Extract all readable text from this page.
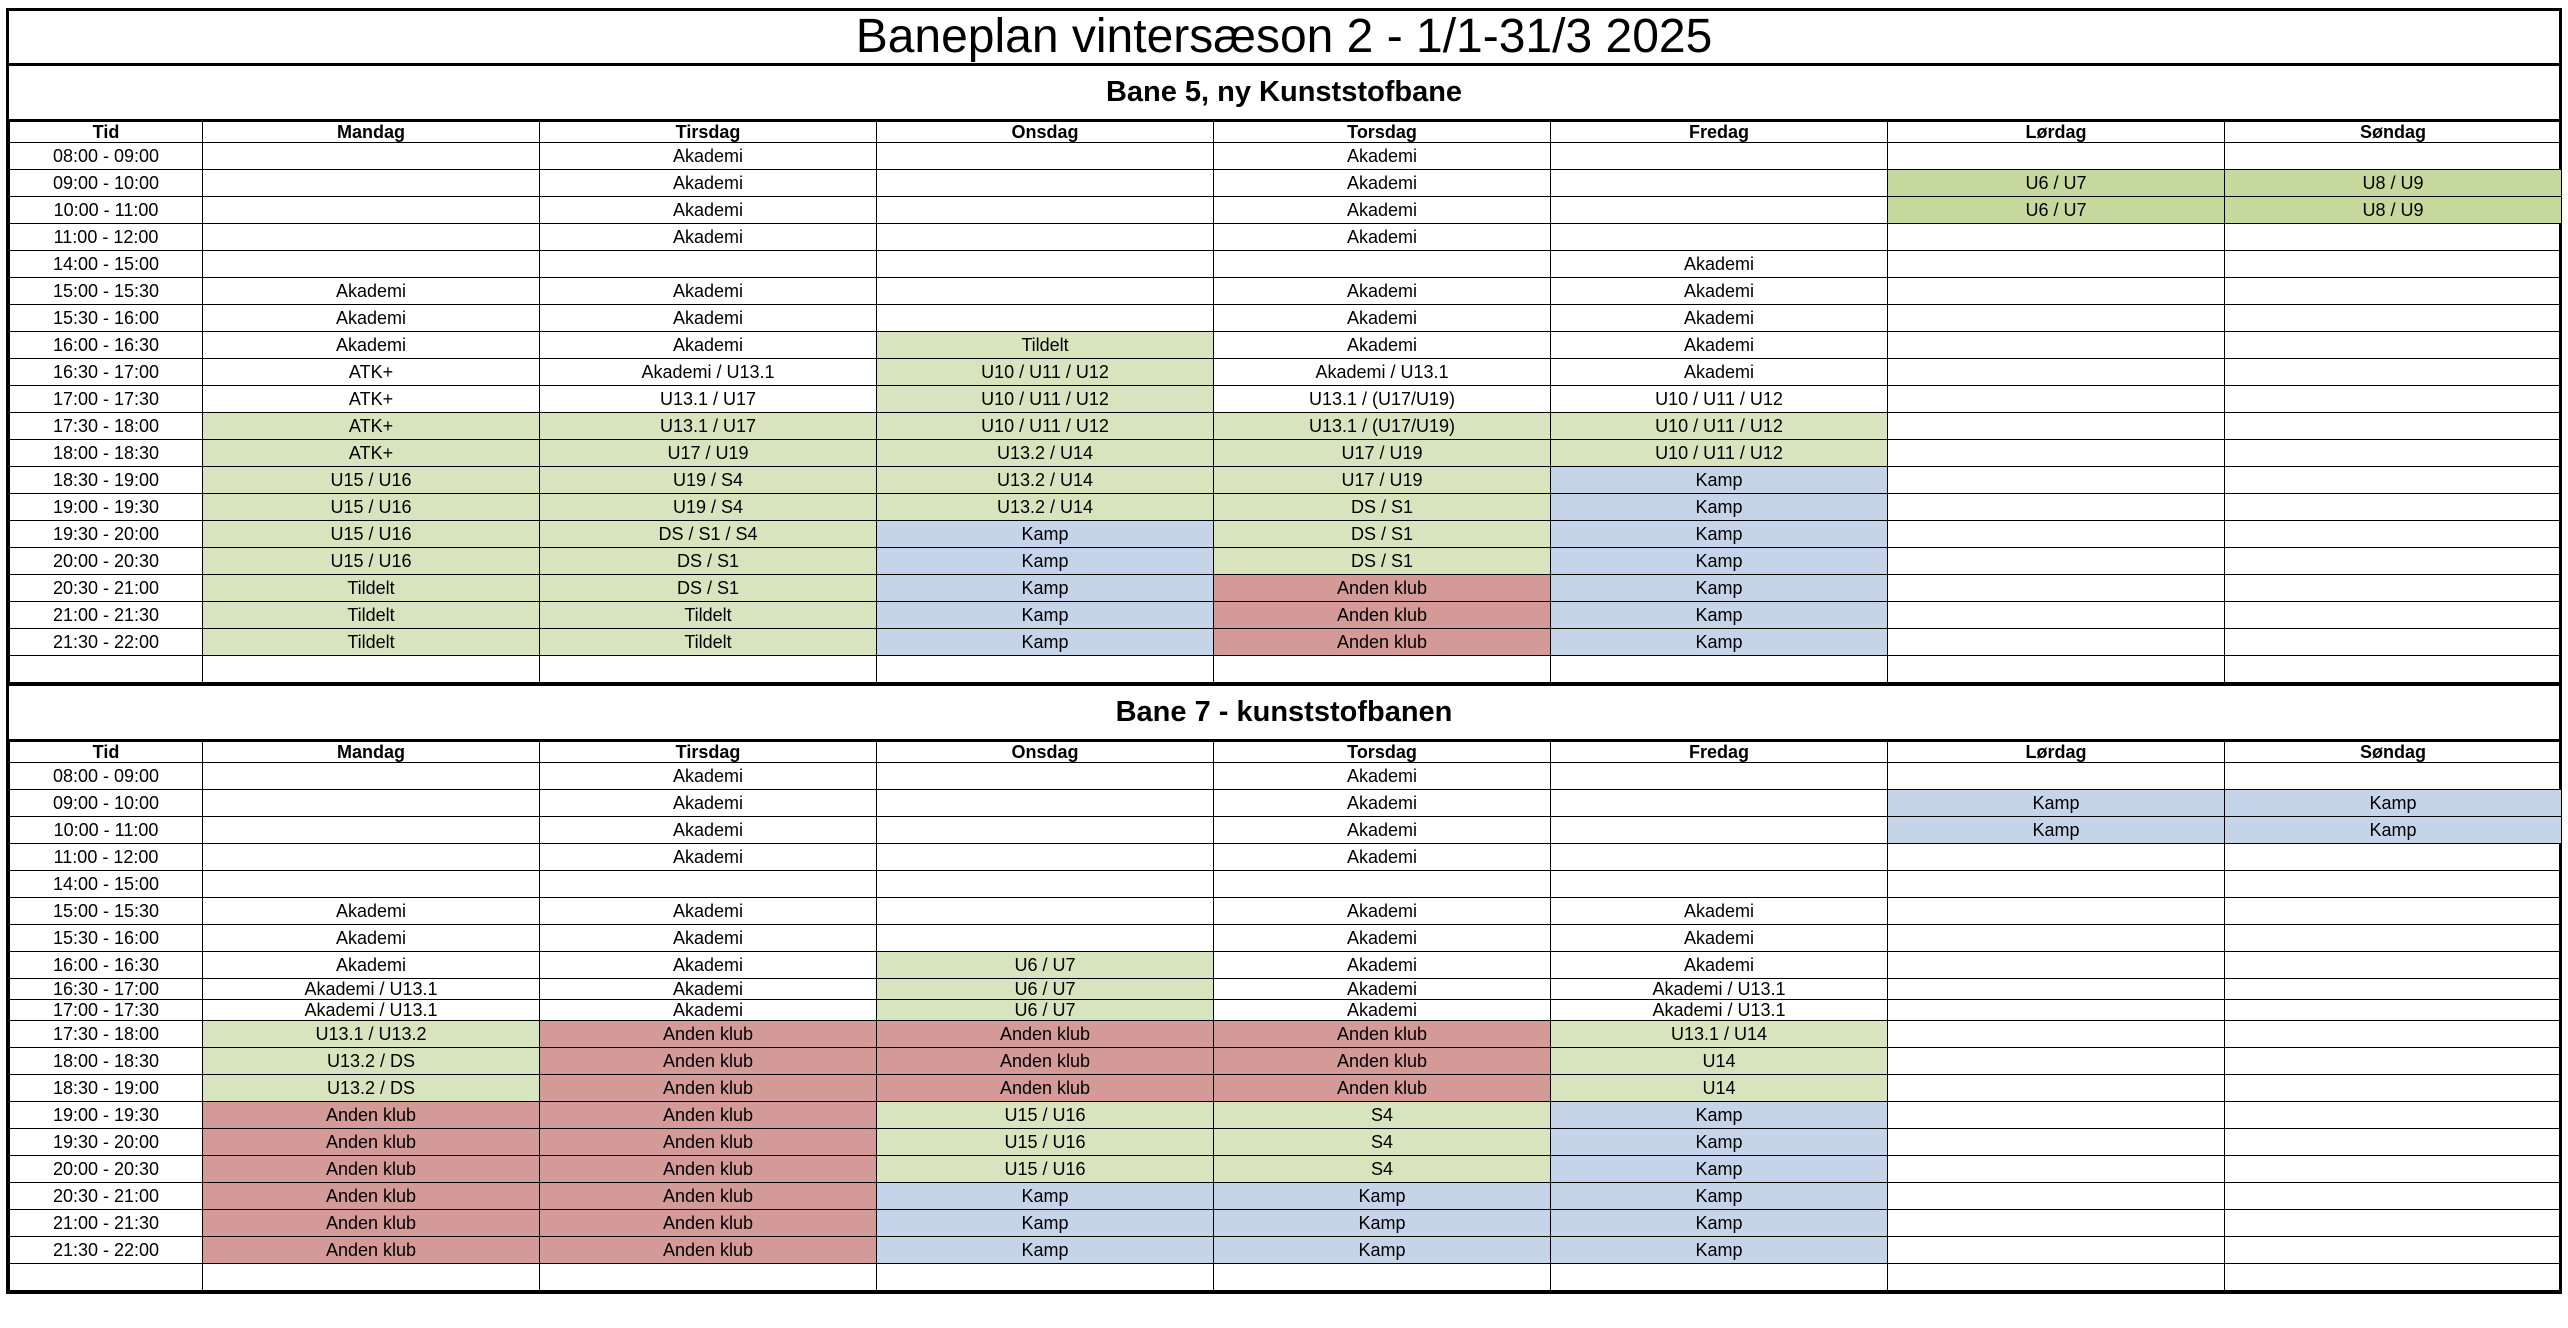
Baneplan vintersæson 2 - 1/1-31/3 2025
Bane 5, ny Kunststofbane
Tid	Mandag	Tirsdag	Onsdag	Torsdag	Fredag	Lørdag	Søndag
08:00 - 09:00		Akademi		Akademi			
09:00 - 10:00		Akademi		Akademi		U6 / U7	U8 / U9
10:00 - 11:00		Akademi		Akademi		U6 / U7	U8 / U9
11:00 - 12:00		Akademi		Akademi			
14:00 - 15:00					Akademi		
15:00 - 15:30	Akademi	Akademi		Akademi	Akademi		
15:30 - 16:00	Akademi	Akademi		Akademi	Akademi		
16:00 - 16:30	Akademi	Akademi	Tildelt	Akademi	Akademi		
16:30 - 17:00	ATK+	Akademi / U13.1	U10 / U11 / U12	Akademi / U13.1	Akademi		
17:00 - 17:30	ATK+	U13.1 / U17	U10 / U11 / U12	U13.1 / (U17/U19)	U10 / U11 / U12		
17:30 - 18:00	ATK+	U13.1 / U17	U10 / U11 / U12	U13.1 / (U17/U19)	U10 / U11 / U12		
18:00 - 18:30	ATK+	U17 / U19	U13.2 / U14	U17 / U19	U10 / U11 / U12		
18:30 - 19:00	U15 / U16	U19 / S4	U13.2 / U14	U17 / U19	Kamp		
19:00 - 19:30	U15 / U16	U19 / S4	U13.2 / U14	DS / S1	Kamp		
19:30 - 20:00	U15 / U16	DS / S1 / S4	Kamp	DS / S1	Kamp		
20:00 - 20:30	U15 / U16	DS / S1	Kamp	DS / S1	Kamp		
20:30 - 21:00	Tildelt	DS / S1	Kamp	Anden klub	Kamp		
21:00 - 21:30	Tildelt	Tildelt	Kamp	Anden klub	Kamp		
21:30 - 22:00	Tildelt	Tildelt	Kamp	Anden klub	Kamp		

Bane 7 - kunststofbanen
Tid	Mandag	Tirsdag	Onsdag	Torsdag	Fredag	Lørdag	Søndag
08:00 - 09:00		Akademi		Akademi			
09:00 - 10:00		Akademi		Akademi		Kamp	Kamp
10:00 - 11:00		Akademi		Akademi		Kamp	Kamp
11:00 - 12:00		Akademi		Akademi			
14:00 - 15:00							
15:00 - 15:30	Akademi	Akademi		Akademi	Akademi		
15:30 - 16:00	Akademi	Akademi		Akademi	Akademi		
16:00 - 16:30	Akademi	Akademi	U6 / U7	Akademi	Akademi		
16:30 - 17:00	Akademi / U13.1	Akademi	U6 / U7	Akademi	Akademi / U13.1		
17:00 - 17:30	Akademi / U13.1	Akademi	U6 / U7	Akademi	Akademi / U13.1		
17:30 - 18:00	U13.1 / U13.2	Anden klub	Anden klub	Anden klub	U13.1 / U14		
18:00 - 18:30	U13.2 / DS	Anden klub	Anden klub	Anden klub	U14		
18:30 - 19:00	U13.2 / DS	Anden klub	Anden klub	Anden klub	U14		
19:00 - 19:30	Anden klub	Anden klub	U15 / U16	S4	Kamp		
19:30 - 20:00	Anden klub	Anden klub	U15 / U16	S4	Kamp		
20:00 - 20:30	Anden klub	Anden klub	U15 / U16	S4	Kamp		
20:30 - 21:00	Anden klub	Anden klub	Kamp	Kamp	Kamp		
21:00 - 21:30	Anden klub	Anden klub	Kamp	Kamp	Kamp		
21:30 - 22:00	Anden klub	Anden klub	Kamp	Kamp	Kamp		
